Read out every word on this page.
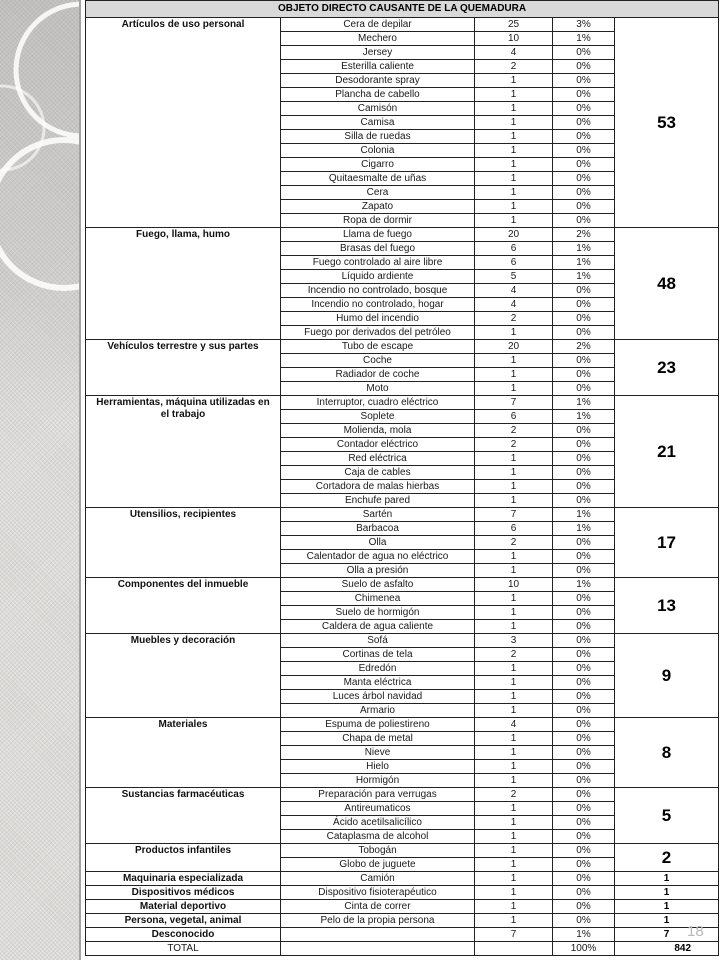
OBJETO DIRECTO CAUSANTE DE LA QUEMADURA				

Artículos de uso personal	Cera de depilar	25	3%	53
	Mechero	10	1%	
	Jersey	4	0%	
	Esterilla caliente	2	0%	
	Desodorante spray	1	0%	
	Plancha de cabello	1	0%	
	Camisón	1	0%	
	Camisa	1	0%	
	Silla de ruedas	1	0%	
	Colonia	1	0%	
	Cigarro	1	0%	
	Quitaesmalte de uñas	1	0%	
	Cera	1	0%	
	Zapato	1	0%	
	Ropa de dormir	1	0%	

Fuego, llama, humo	Llama de fuego	20	2%	48
	Brasas del fuego	6	1%	
	Fuego controlado al aire libre	6	1%	
	Líquido ardiente	5	1%	
	Incendio no controlado, bosque	4	0%	
	Incendio no controlado, hogar	4	0%	
	Humo del incendio	2	0%	
	Fuego por derivados del petróleo	1	0%	

Vehículos terrestre y sus partes	Tubo de escape	20	2%	23
	Coche	1	0%	
	Radiador de coche	1	0%	
	Moto	1	0%	

Herramientas, máquina utilizadas en el trabajo	Interruptor, cuadro eléctrico	7	1%	21
	Soplete	6	1%	
	Molienda, mola	2	0%	
	Contador eléctrico	2	0%	
	Red eléctrica	1	0%	
	Caja de cables	1	0%	
	Cortadora de malas hierbas	1	0%	
	Enchufe pared	1	0%	

Utensilios, recipientes	Sartén	7	1%	17
	Barbacoa	6	1%	
	Olla	2	0%	
	Calentador de agua no eléctrico	1	0%	
	Olla a presión	1	0%	

Componentes del inmueble	Suelo de asfalto	10	1%	13
	Chimenea	1	0%	
	Suelo de hormigón	1	0%	
	Caldera de agua caliente	1	0%	

Muebles y decoración	Sofá	3	0%	9
	Cortinas de tela	2	0%	
	Edredón	1	0%	
	Manta eléctrica	1	0%	
	Luces árbol navidad	1	0%	
	Armario	1	0%	

Materiales	Espuma de poliestireno	4	0%	8
	Chapa de metal	1	0%	
	Nieve	1	0%	
	Hielo	1	0%	
	Hormigón	1	0%	

Sustancias farmacéuticas	Preparación para verrugas	2	0%	5
	Antireumaticos	1	0%	
	Ácido acetilsalicílico	1	0%	
	Cataplasma de alcohol	1	0%	

Productos infantiles	Tobogán	1	0%	2
	Globo de juguete	1	0%	

Maquinaria especializada	Camión	1	0%	1

Dispositivos médicos	Dispositivo fisioterapéutico	1	0%	1

Material deportivo	Cinta de correr	1	0%	1

Persona, vegetal, animal	Pelo de la propia persona	1	0%	1

Desconocido		7	1%	7
TOTAL			100%	842
18
